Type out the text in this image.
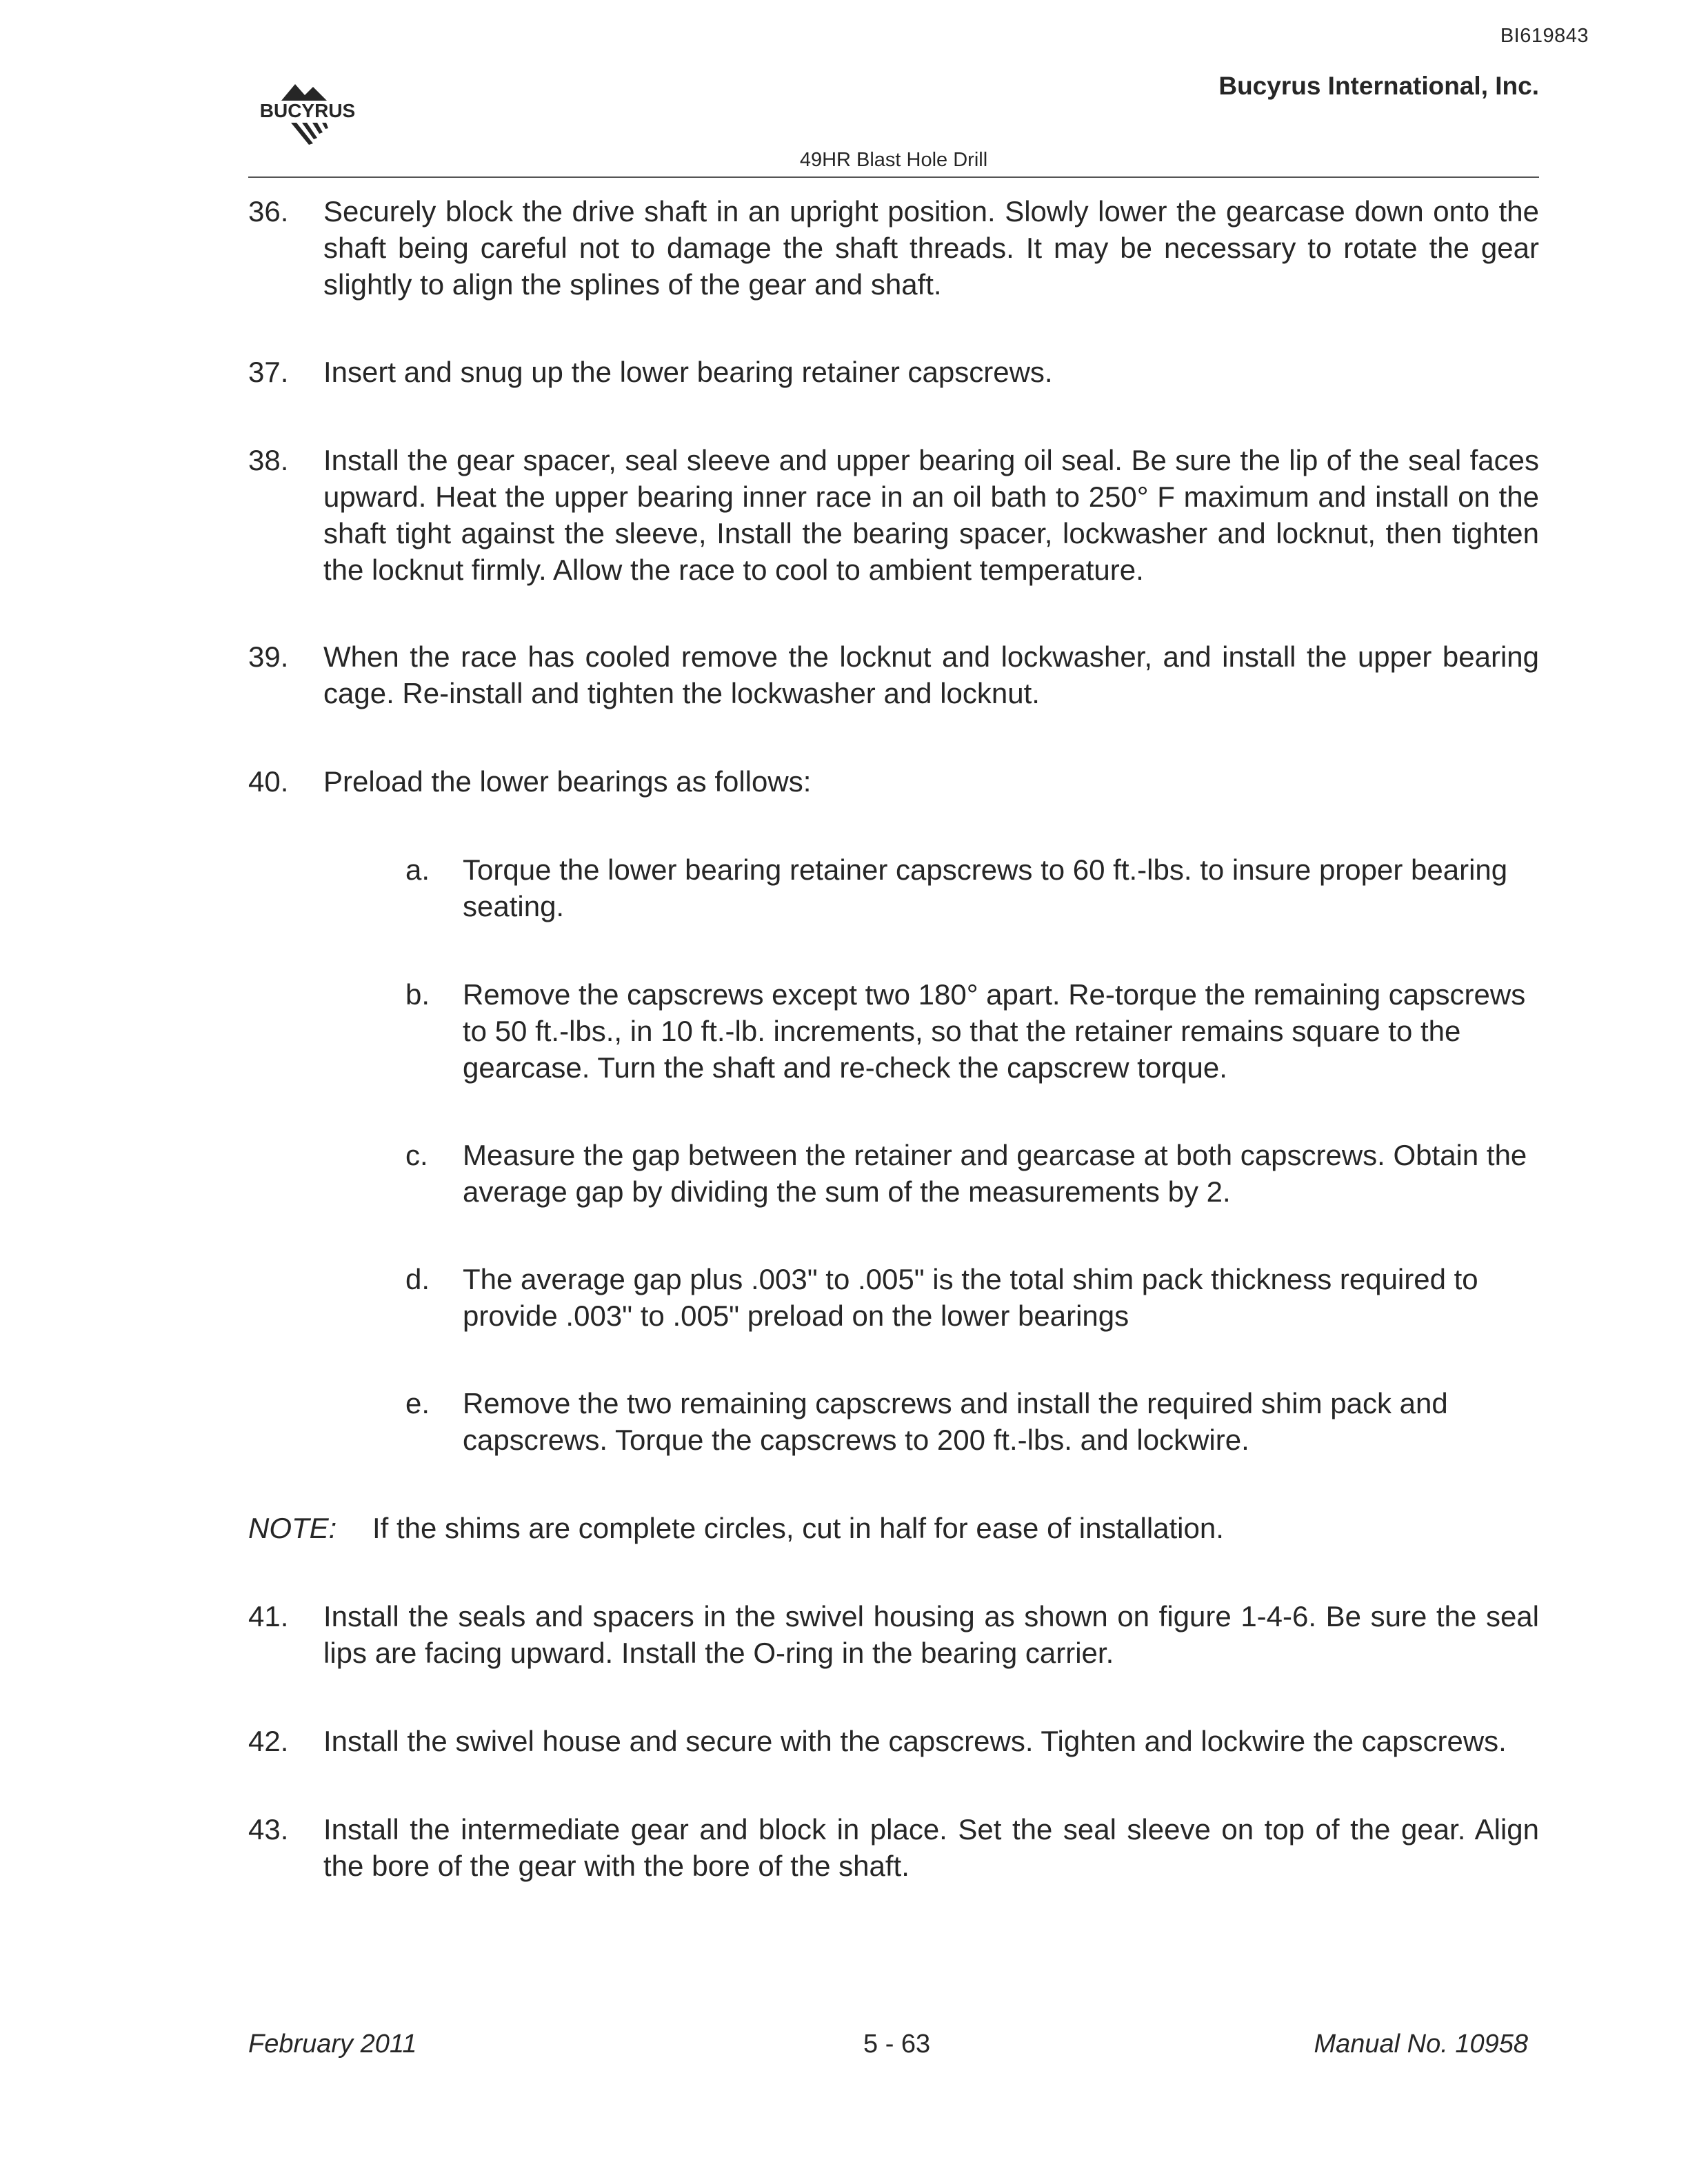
BI619843
Bucyrus International, Inc.
BUCYRUS
49HR Blast Hole Drill
36. Securely block the drive shaft in an upright position. Slowly lower the gearcase down onto the shaft being careful not to damage the shaft threads. It may be necessary to rotate the gear slightly to align the splines of the gear and shaft.
37. Insert and snug up the lower bearing retainer capscrews.
38. Install the gear spacer, seal sleeve and upper bearing oil seal. Be sure the lip of the seal faces upward. Heat the upper bearing inner race in an oil bath to 250° F maximum and install on the shaft tight against the sleeve, Install the bearing spacer, lockwasher and locknut, then tighten the locknut firmly. Allow the race to cool to ambient temperature.
39. When the race has cooled remove the locknut and lockwasher, and install the upper bearing cage. Re-install and tighten the lockwasher and locknut.
40. Preload the lower bearings as follows:
a. Torque the lower bearing retainer capscrews to 60 ft.-lbs. to insure proper bearing seating.
b. Remove the capscrews except two 180° apart. Re-torque the remaining capscrews to 50 ft.-lbs., in 10 ft.-lb. increments, so that the retainer remains square to the gearcase. Turn the shaft and re-check the capscrew torque.
c. Measure the gap between the retainer and gearcase at both capscrews. Obtain the average gap by dividing the sum of the measurements by 2.
d. The average gap plus .003" to .005" is the total shim pack thickness required to provide .003" to .005" preload on the lower bearings
e. Remove the two remaining capscrews and install the required shim pack and capscrews. Torque the capscrews to 200 ft.-lbs. and lockwire.
NOTE: If the shims are complete circles, cut in half for ease of installation.
41. Install the seals and spacers in the swivel housing as shown on figure 1-4-6. Be sure the seal lips are facing upward. Install the O-ring in the bearing carrier.
42. Install the swivel house and secure with the capscrews. Tighten and lockwire the capscrews.
43. Install the intermediate gear and block in place. Set the seal sleeve on top of the gear. Align the bore of the gear with the bore of the shaft.
February 2011	5 - 63	Manual No. 10958
